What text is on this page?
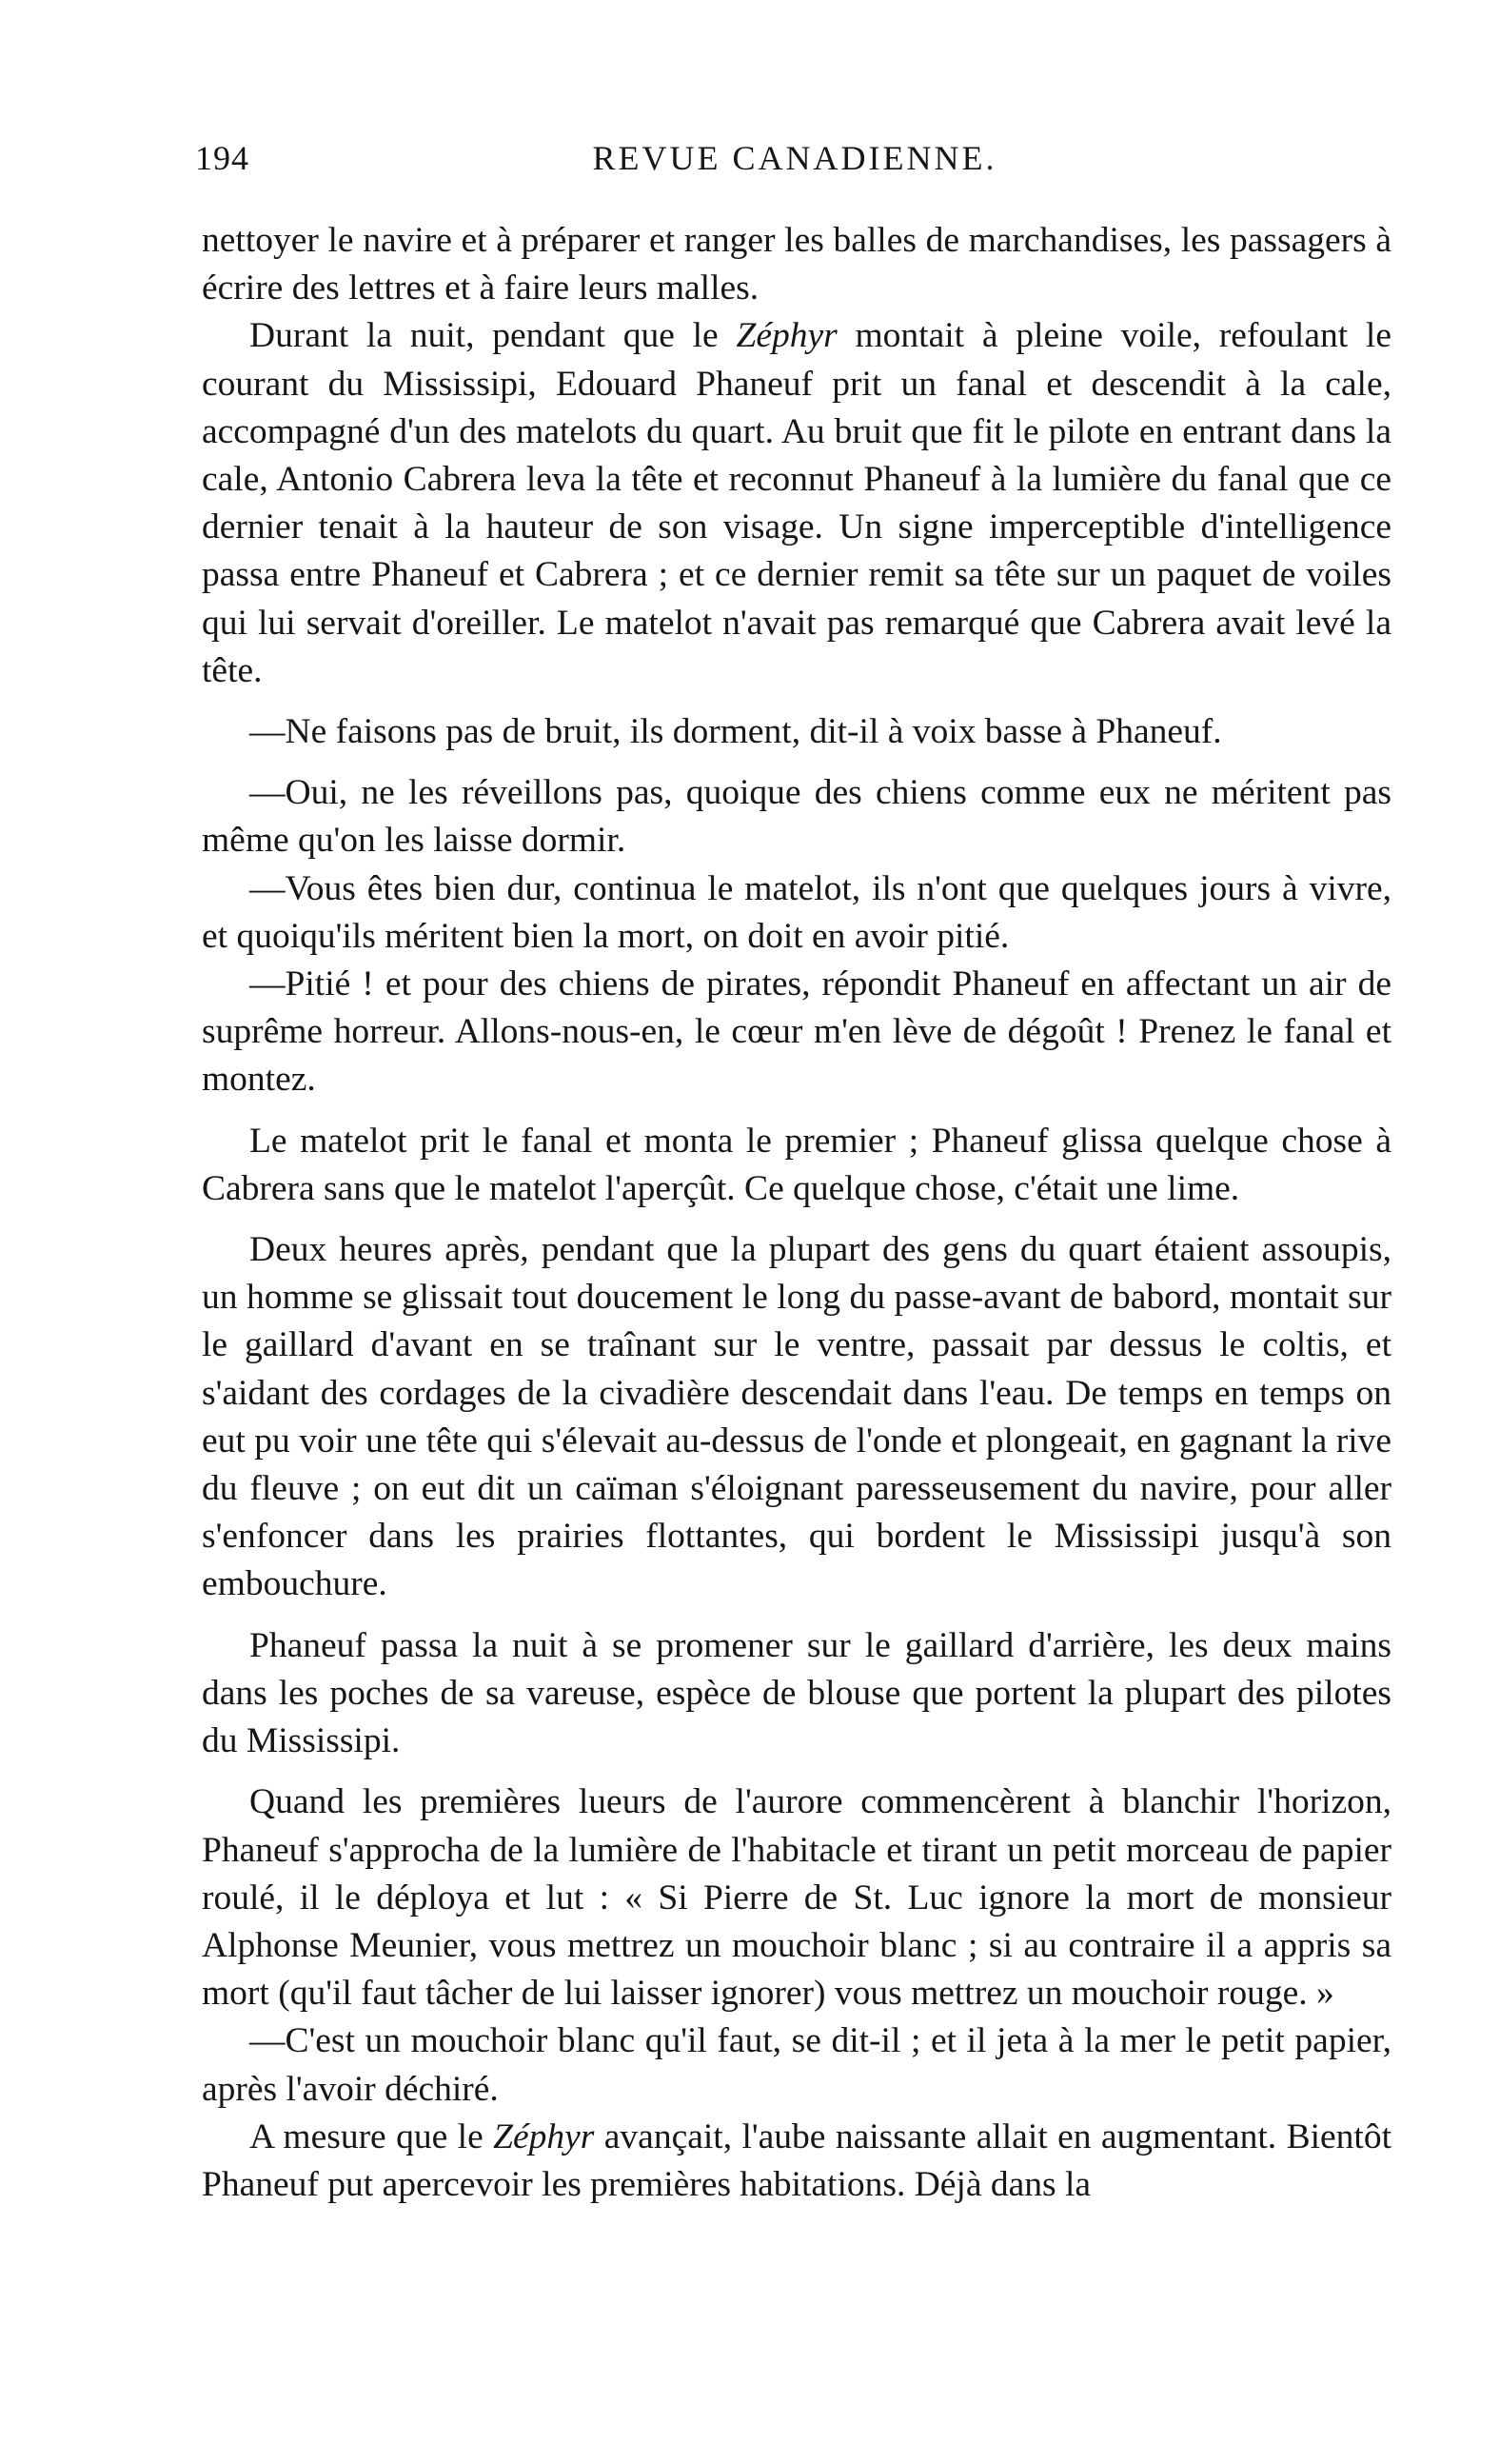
194	REVUE CANADIENNE.

nettoyer le navire et à préparer et ranger les balles de marchandises, les passagers à écrire des lettres et à faire leurs malles.

Durant la nuit, pendant que le Zéphyr montait à pleine voile, refoulant le courant du Mississipi, Edouard Phaneuf prit un fanal et descendit à la cale, accompagné d'un des matelots du quart. Au bruit que fit le pilote en entrant dans la cale, Antonio Cabrera leva la tête et reconnut Phaneuf à la lumière du fanal que ce dernier tenait à la hauteur de son visage. Un signe imperceptible d'intelligence passa entre Phaneuf et Cabrera ; et ce dernier remit sa tête sur un paquet de voiles qui lui servait d'oreiller. Le matelot n'avait pas remarqué que Cabrera avait levé la tête.

—Ne faisons pas de bruit, ils dorment, dit-il à voix basse à Phaneuf.

—Oui, ne les réveillons pas, quoique des chiens comme eux ne méritent pas même qu'on les laisse dormir.

—Vous êtes bien dur, continua le matelot, ils n'ont que quelques jours à vivre, et quoiqu'ils méritent bien la mort, on doit en avoir pitié.

—Pitié ! et pour des chiens de pirates, répondit Phaneuf en affectant un air de suprême horreur. Allons-nous-en, le cœur m'en lève de dégoût ! Prenez le fanal et montez.

Le matelot prit le fanal et monta le premier ; Phaneuf glissa quelque chose à Cabrera sans que le matelot l'aperçût. Ce quelque chose, c'était une lime.

Deux heures après, pendant que la plupart des gens du quart étaient assoupis, un homme se glissait tout doucement le long du passe-avant de babord, montait sur le gaillard d'avant en se traînant sur le ventre, passait par dessus le coltis, et s'aidant des cordages de la civadière descendait dans l'eau. De temps en temps on eut pu voir une tête qui s'élevait au-dessus de l'onde et plongeait, en gagnant la rive du fleuve ; on eut dit un caïman s'éloignant paresseusement du navire, pour aller s'enfoncer dans les prairies flottantes, qui bordent le Mississipi jusqu'à son embouchure.

Phaneuf passa la nuit à se promener sur le gaillard d'arrière, les deux mains dans les poches de sa vareuse, espèce de blouse que portent la plupart des pilotes du Mississipi.

Quand les premières lueurs de l'aurore commencèrent à blanchir l'horizon, Phaneuf s'approcha de la lumière de l'habitacle et tirant un petit morceau de papier roulé, il le déploya et lut : « Si Pierre de St. Luc ignore la mort de monsieur Alphonse Meunier, vous mettrez un mouchoir blanc ; si au contraire il a appris sa mort (qu'il faut tâcher de lui laisser ignorer) vous mettrez un mouchoir rouge. »

—C'est un mouchoir blanc qu'il faut, se dit-il ; et il jeta à la mer le petit papier, après l'avoir déchiré.

A mesure que le Zéphyr avançait, l'aube naissante allait en augmentant. Bientôt Phaneuf put apercevoir les premières habitations. Déjà dans la
